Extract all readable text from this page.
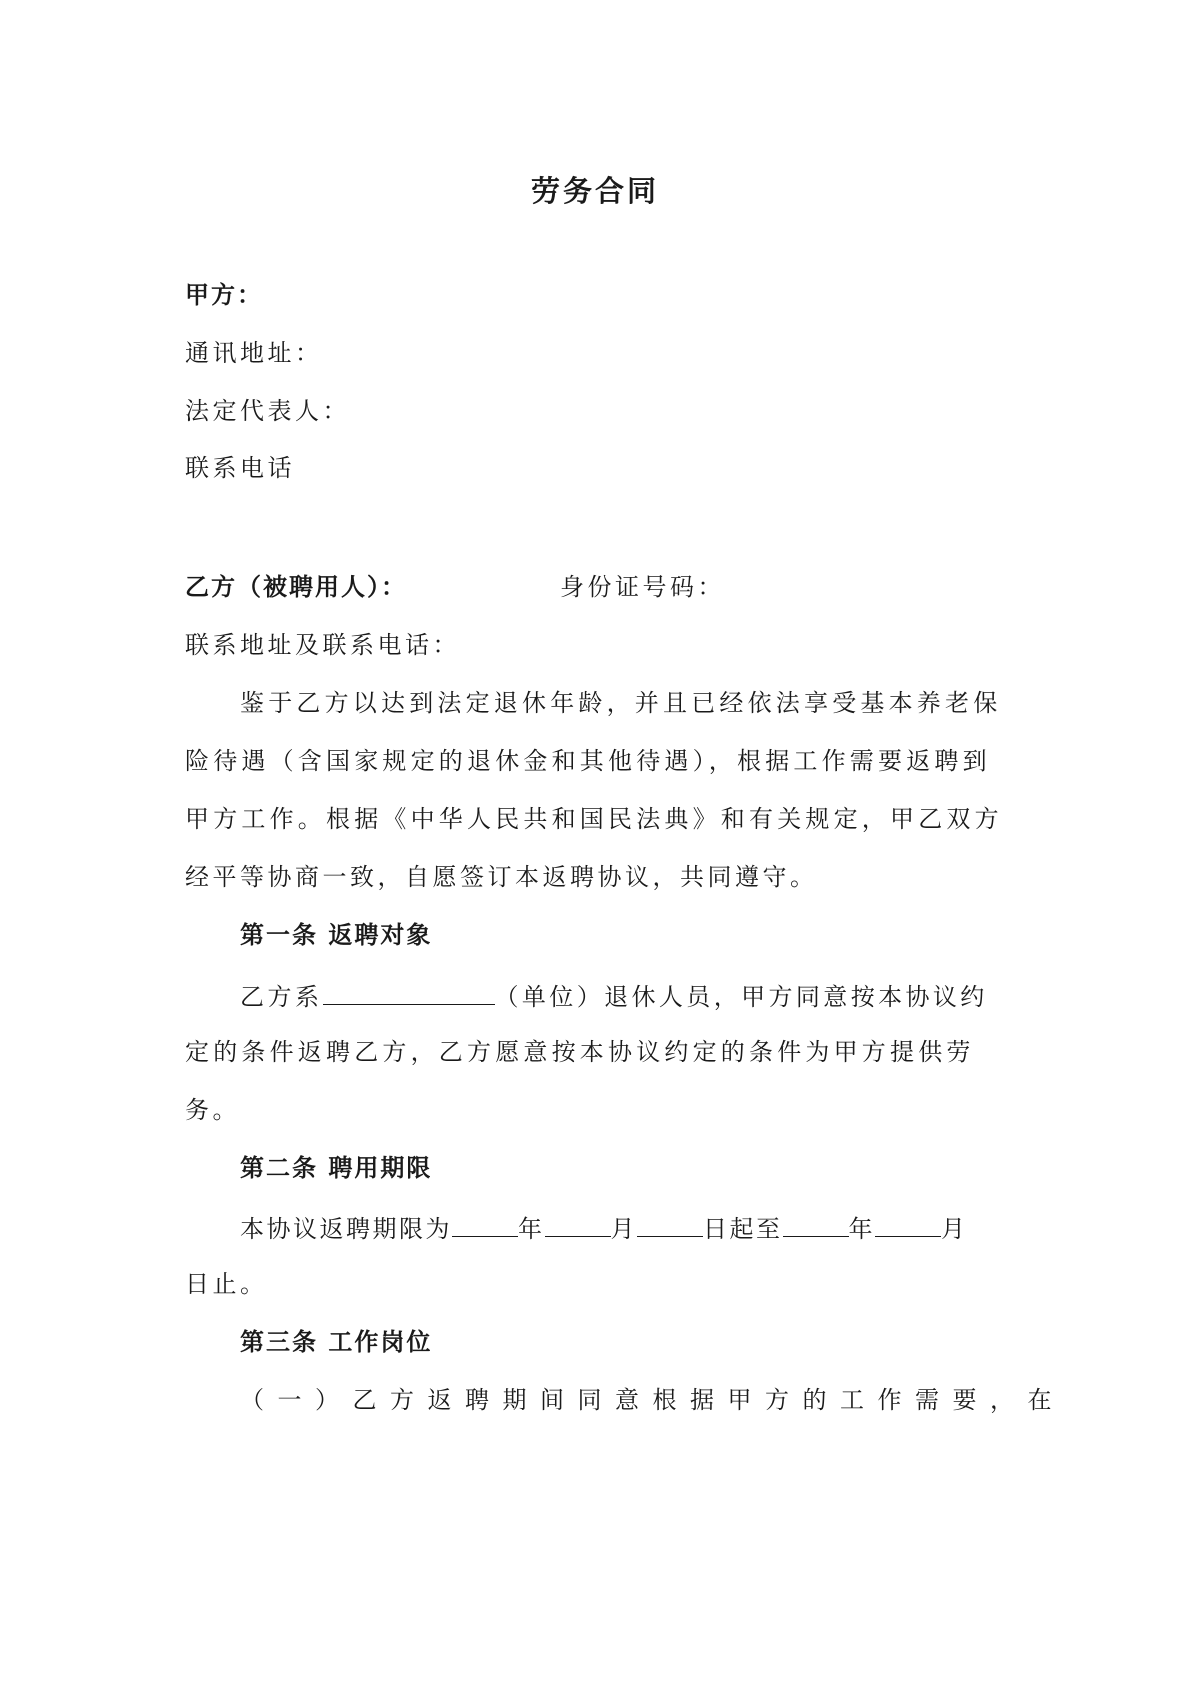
劳务合同
甲方：
通讯地址：
法定代表人：
联系电话
乙方（被聘用人）：	身份证号码：
联系地址及联系电话：
鉴于乙方以达到法定退休年龄，并且已经依法享受基本养老保
险待遇（含国家规定的退休金和其他待遇），根据工作需要返聘到
甲方工作。根据《中华人民共和国民法典》和有关规定，甲乙双方
经平等协商一致，自愿签订本返聘协议，共同遵守。
第一条 返聘对象
乙方系	（单位）退休人员，甲方同意按本协议约
定的条件返聘乙方，乙方愿意按本协议约定的条件为甲方提供劳
务。
第二条 聘用期限
本协议返聘期限为	年	月	日起至	年	月
日止。
第三条 工作岗位
（一）乙方返聘期间同意根据甲方的工作需要，在
